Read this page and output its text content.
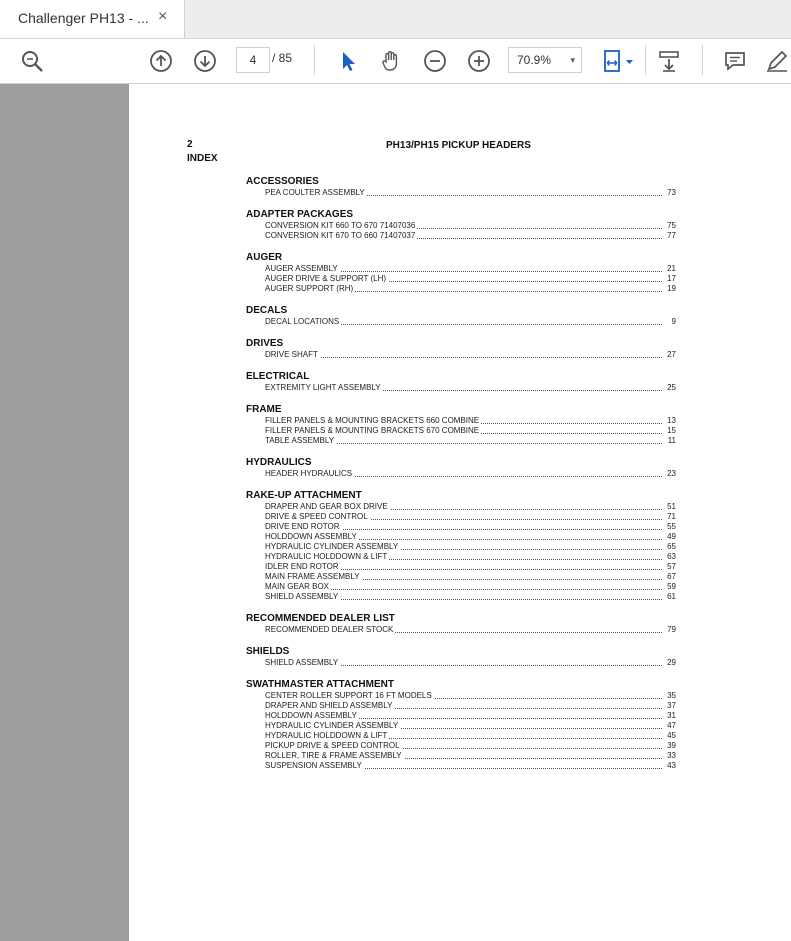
Challenger PH13 - ... ×
4	/ 85	70.9% ▾
2
INDEX
PH13/PH15 PICKUP HEADERS
ACCESSORIES
PEA COULTER ASSEMBLY	73
ADAPTER PACKAGES
CONVERSION KIT 660 TO 670 71407036	75
CONVERSION KIT 670 TO 660 71407037	77
AUGER
AUGER ASSEMBLY	21
AUGER DRIVE & SUPPORT (LH)	17
AUGER SUPPORT (RH)	19
DECALS
DECAL LOCATIONS	9
DRIVES
DRIVE SHAFT	27
ELECTRICAL
EXTREMITY LIGHT ASSEMBLY	25
FRAME
FILLER PANELS & MOUNTING BRACKETS 660 COMBINE	13
FILLER PANELS & MOUNTING BRACKETS 670 COMBINE	15
TABLE ASSEMBLY	11
HYDRAULICS
HEADER HYDRAULICS	23
RAKE-UP ATTACHMENT
DRAPER AND GEAR BOX DRIVE	51
DRIVE & SPEED CONTROL	71
DRIVE END ROTOR	55
HOLDDOWN ASSEMBLY	49
HYDRAULIC CYLINDER ASSEMBLY	65
HYDRAULIC HOLDDOWN & LIFT	63
IDLER END ROTOR	57
MAIN FRAME ASSEMBLY	67
MAIN GEAR BOX	59
SHIELD ASSEMBLY	61
RECOMMENDED DEALER LIST
RECOMMENDED DEALER STOCK	79
SHIELDS
SHIELD ASSEMBLY	29
SWATHMASTER ATTACHMENT
CENTER ROLLER SUPPORT 16 FT MODELS	35
DRAPER AND SHIELD ASSEMBLY	37
HOLDDOWN ASSEMBLY	31
HYDRAULIC CYLINDER ASSEMBLY	47
HYDRAULIC HOLDDOWN & LIFT	45
PICKUP DRIVE & SPEED CONTROL	39
ROLLER, TIRE & FRAME ASSEMBLY	33
SUSPENSION ASSEMBLY	43
